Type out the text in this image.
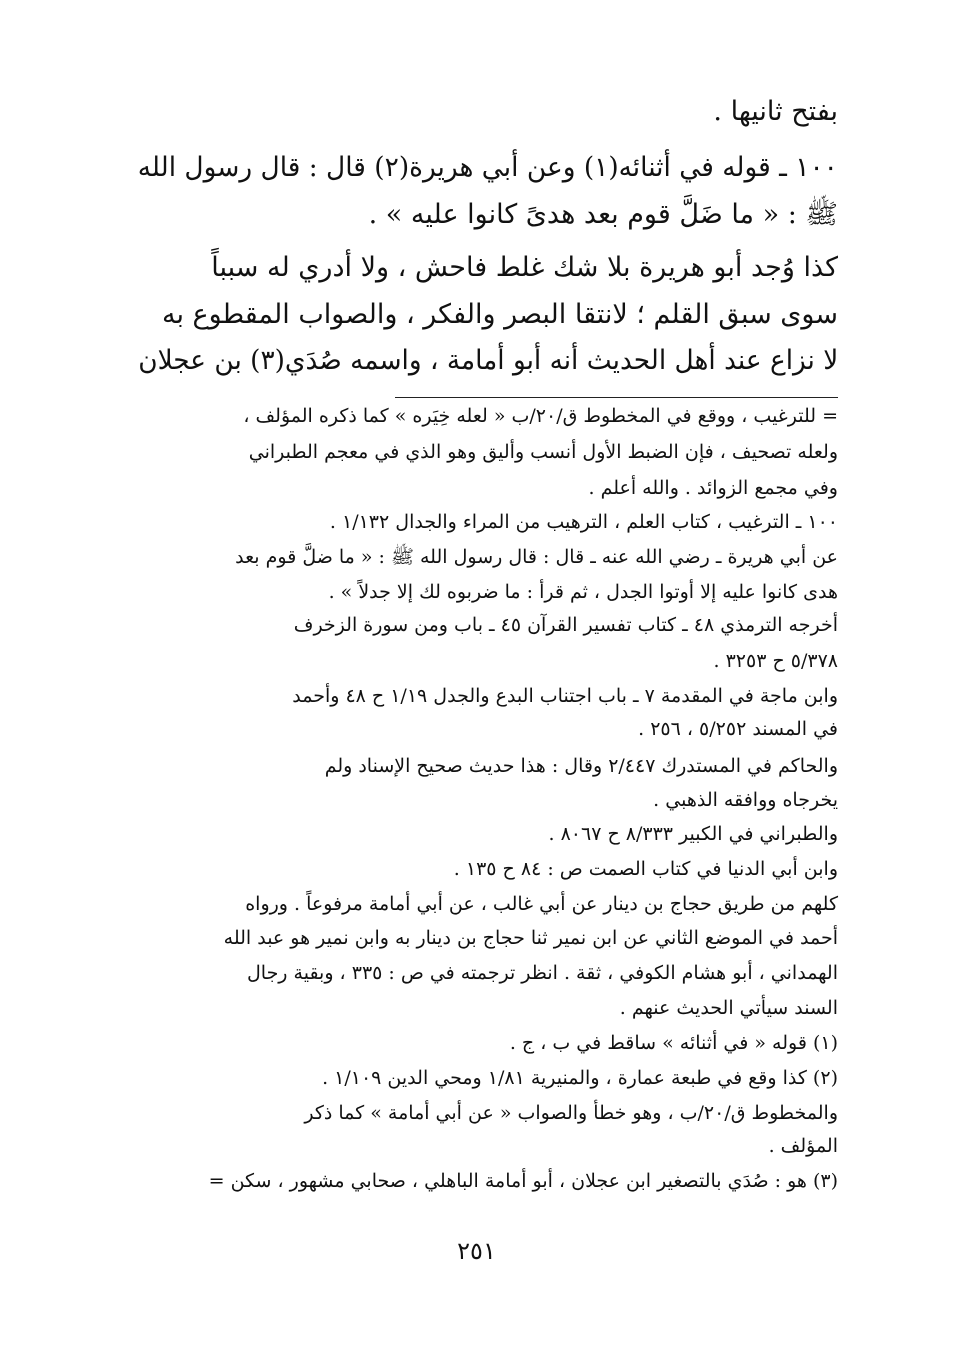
بفتح ثانيها .
١٠٠ ـ قوله في أثنائه(١) وعن أبي هريرة(٢) قال : قال رسول الله
ﷺ : « ما ضَلَّ قوم بعد هدىً كانوا عليه » .
كذا وُجد أبو هريرة بلا شك غلط فاحش ، ولا أدري له سبباً
سوى سبق القلم ؛ لانتقا البصر والفكر ، والصواب المقطوع به
لا نزاع عند أهل الحديث أنه أبو أمامة ، واسمه صُدَي(٣) بن عجلان
= للترغيب ، ووقع في المخطوط ق/٢٠/ب « لعله خِيَره » كما ذكره المؤلف ،
ولعله تصحيف ، فإن الضبط الأول أنسب وأليق وهو الذي في معجم الطبراني
وفي مجمع الزوائد . والله أعلم .
١٠٠ ـ الترغيب ، كتاب العلم ، الترهيب من المراء والجدال ١/١٣٢ .
عن أبي هريرة ـ رضي الله عنه ـ قال : قال رسول الله ﷺ : « ما ضلَّ قوم بعد
هدى كانوا عليه إلا أوتوا الجدل ، ثم قرأ : ما ضربوه لك إلا جدلاً » .
أخرجه الترمذي ٤٨ ـ كتاب تفسير القرآن ٤٥ ـ باب ومن سورة الزخرف
٥/٣٧٨ ح ٣٢٥٣ .
وابن ماجة في المقدمة ٧ ـ باب اجتناب البدع والجدل ١/١٩ ح ٤٨ وأحمد
في المسند ٥/٢٥٢ ، ٢٥٦ .
والحاكم في المستدرك ٢/٤٤٧ وقال : هذا حديث صحيح الإسناد ولم
يخرجاه ووافقه الذهبي .
والطبراني في الكبير ٨/٣٣٣ ح ٨٠٦٧ .
وابن أبي الدنيا في كتاب الصمت ص : ٨٤ ح ١٣٥ .
كلهم من طريق حجاج بن دينار عن أبي غالب ، عن أبي أمامة مرفوعاً . ورواه
أحمد في الموضع الثاني عن ابن نمير ثنا حجاج بن دينار به وابن نمير هو عبد الله
الهمداني ، أبو هشام الكوفي ، ثقة . انظر ترجمته في ص : ٣٣٥ ، وبقية رجال
السند سيأتي الحديث عنهم .
(١) قوله « في أثنائه » ساقط في ب ، ج .
(٢) كذا وقع في طبعة عمارة ، والمنيرية ١/٨١ ومحي الدين ١/١٠٩ .
والمخطوط ق/٢٠/ب ، وهو خطأ والصواب « عن أبي أمامة » كما ذكر
المؤلف .
(٣) هو : صُدَي بالتصغير ابن عجلان ، أبو أمامة الباهلي ، صحابي مشهور ، سكن =
٢٥١
